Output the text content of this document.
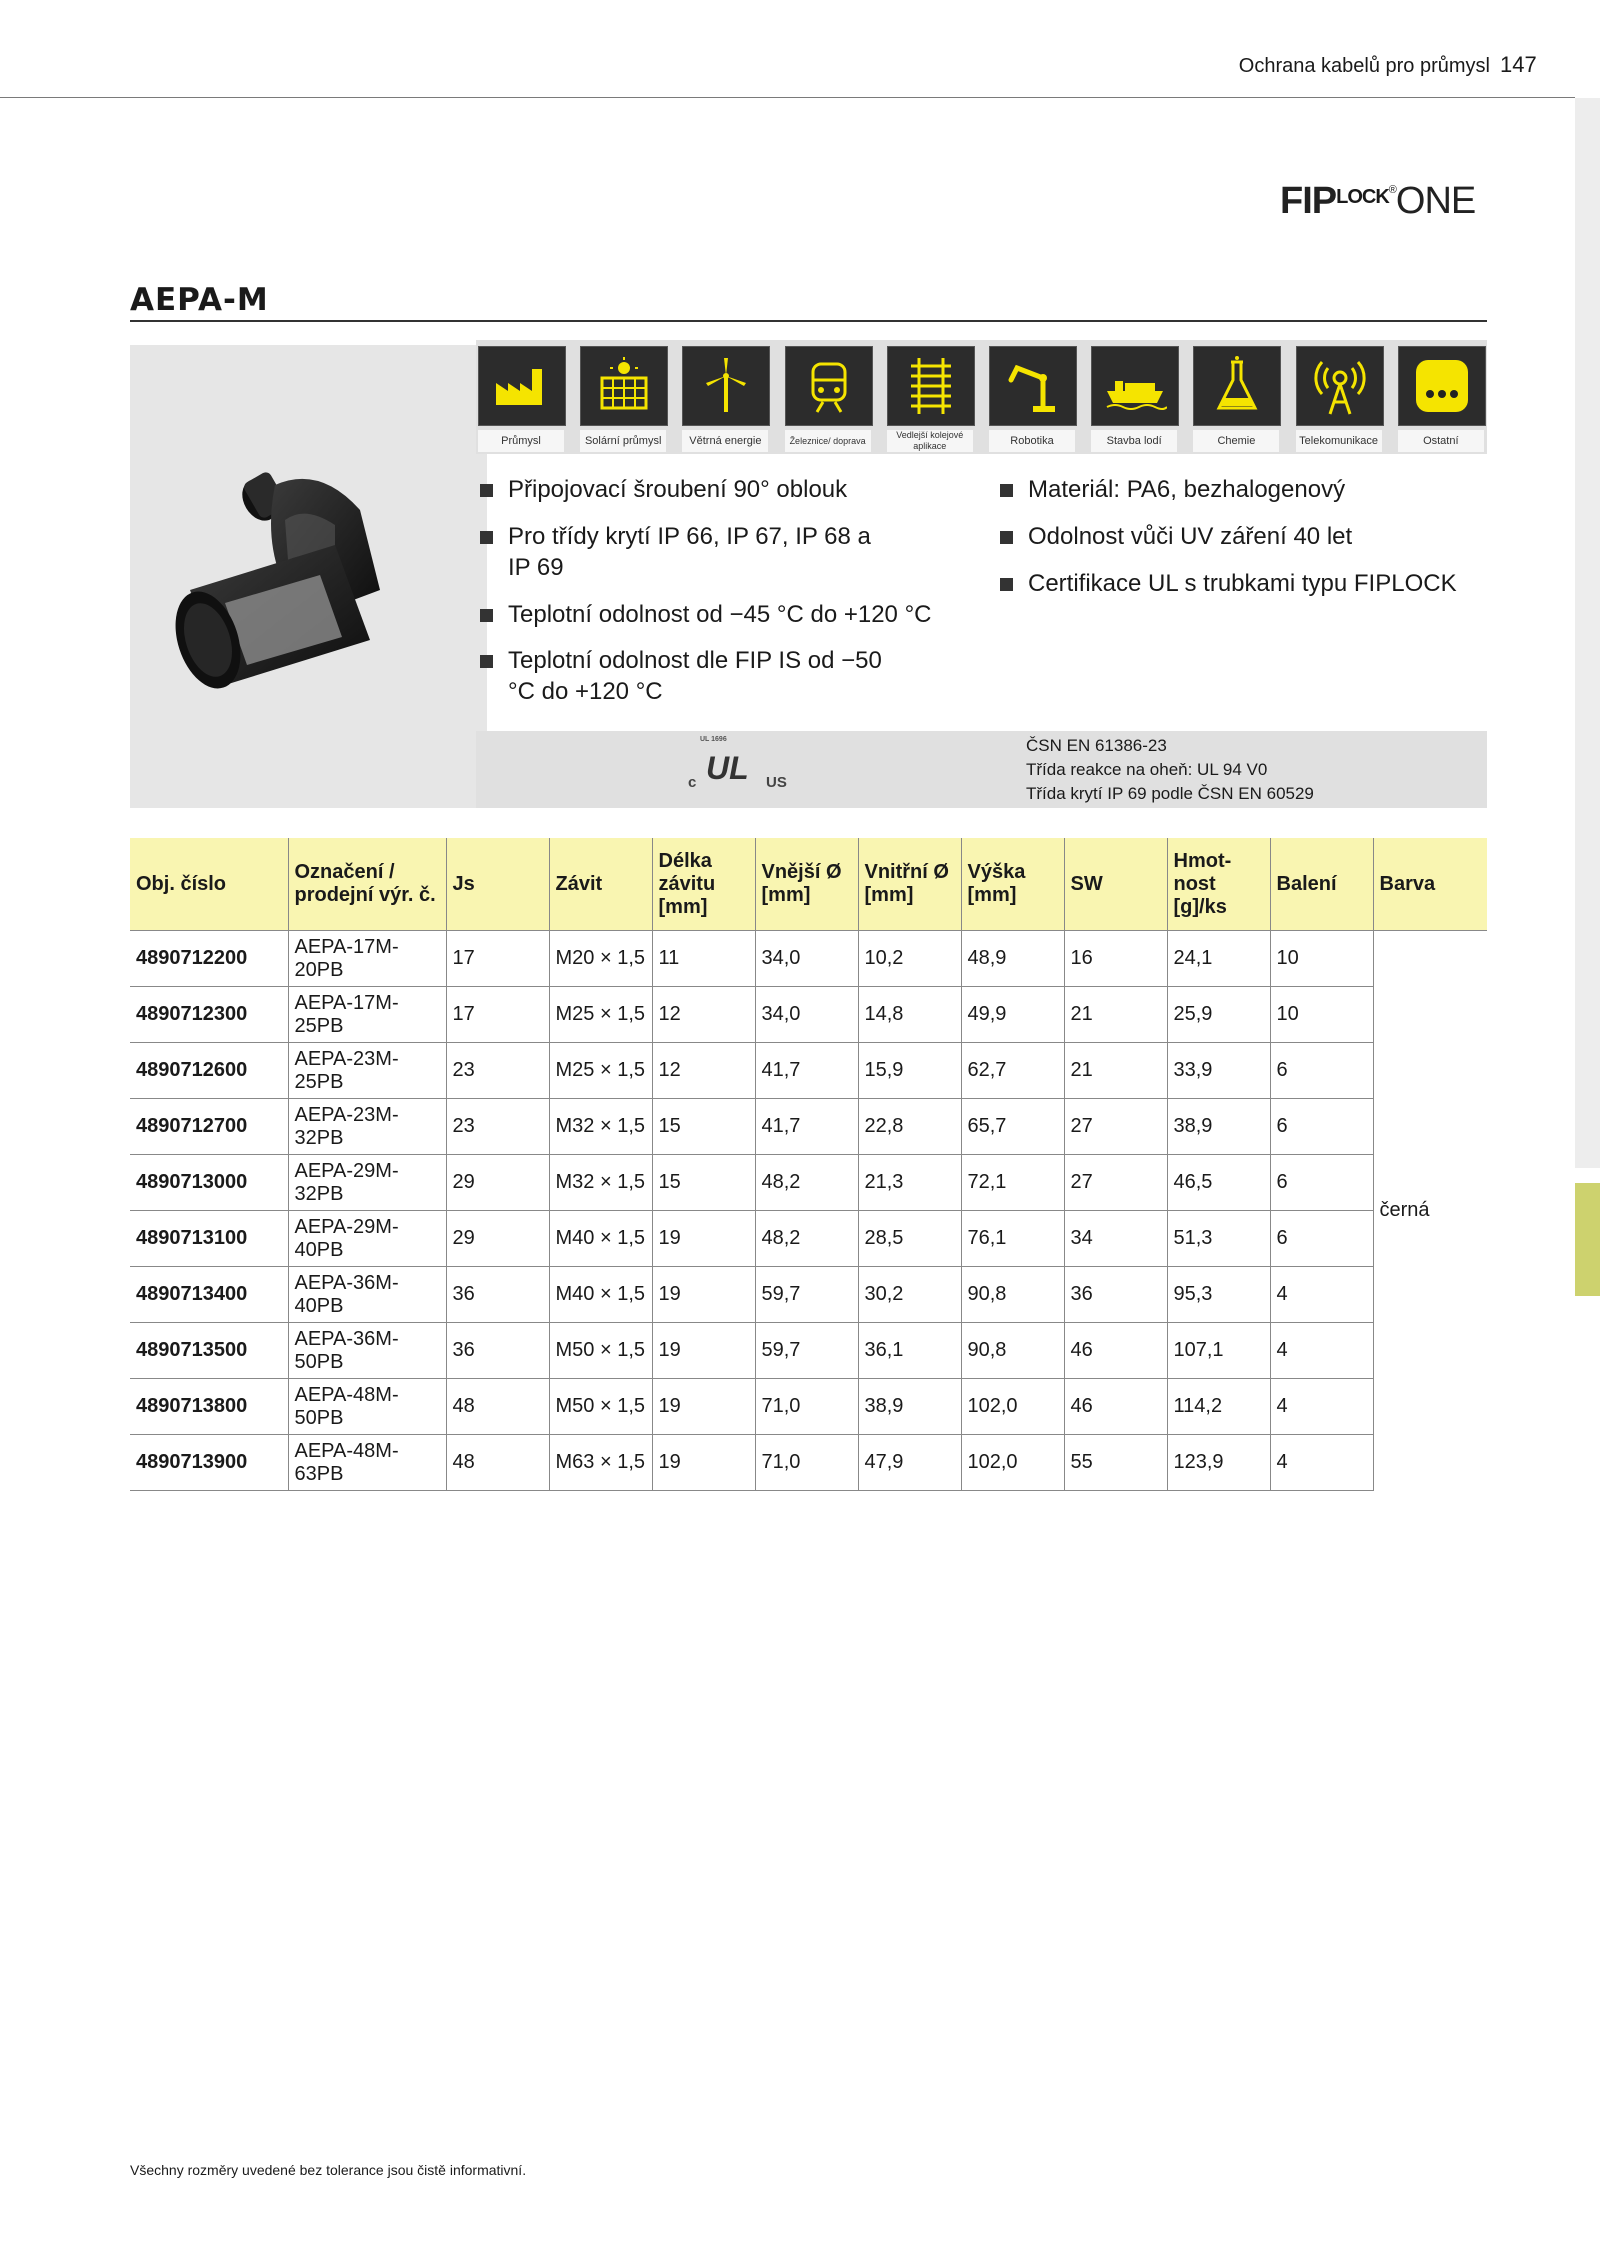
Ochrana kabelů pro průmysl 147
$FIP^{LOCK®}ONE$
AEPA-M
Průmysl	Solární průmysl	Větrná energie	Železnice/ doprava
Vedlejší kolejové aplikace	Robotika	Stavba lodí	Chemie	Telekomunikace	Ostatní
Připojovací šroubení 90° oblouk
Pro třídy krytí IP 66, IP 67, IP 68 a IP 69
Teplotní odolnost od −45 °C do +120 °C
Teplotní odolnost dle FIP IS od −50 °C do +120 °C
Materiál: PA6, bezhalogenový
Odolnost vůči UV záření 40 let
Certifikace UL s trubkami typu FIPLOCK
UL 1696
c UL US
ČSN EN 61386-23
Třída reakce na oheň: UL 94 V0
Třída krytí IP 69 podle ČSN EN 60529
Obj. číslo	Označení / prodejní výr. č.	Js	Závit	Délka závitu [mm]	Vnější Ø [mm]	Vnitřní Ø [mm]	Výška [mm]	SW	Hmot-nost [g]/ks	Balení	Barva
4890712200	AEPA-17M-20PB	17	M20 × 1,5	11	34,0	10,2	48,9	16	24,1	10	černá
4890712300	AEPA-17M-25PB	17	M25 × 1,5	12	34,0	14,8	49,9	21	25,9	10	
4890712600	AEPA-23M-25PB	23	M25 × 1,5	12	41,7	15,9	62,7	21	33,9	6	
4890712700	AEPA-23M-32PB	23	M32 × 1,5	15	41,7	22,8	65,7	27	38,9	6	
4890713000	AEPA-29M-32PB	29	M32 × 1,5	15	48,2	21,3	72,1	27	46,5	6	
4890713100	AEPA-29M-40PB	29	M40 × 1,5	19	48,2	28,5	76,1	34	51,3	6	
4890713400	AEPA-36M-40PB	36	M40 × 1,5	19	59,7	30,2	90,8	36	95,3	4	
4890713500	AEPA-36M-50PB	36	M50 × 1,5	19	59,7	36,1	90,8	46	107,1	4	
4890713800	AEPA-48M-50PB	48	M50 × 1,5	19	71,0	38,9	102,0	46	114,2	4	
4890713900	AEPA-48M-63PB	48	M63 × 1,5	19	71,0	47,9	102,0	55	123,9	4	
Všechny rozměry uvedené bez tolerance jsou čistě informativní.
